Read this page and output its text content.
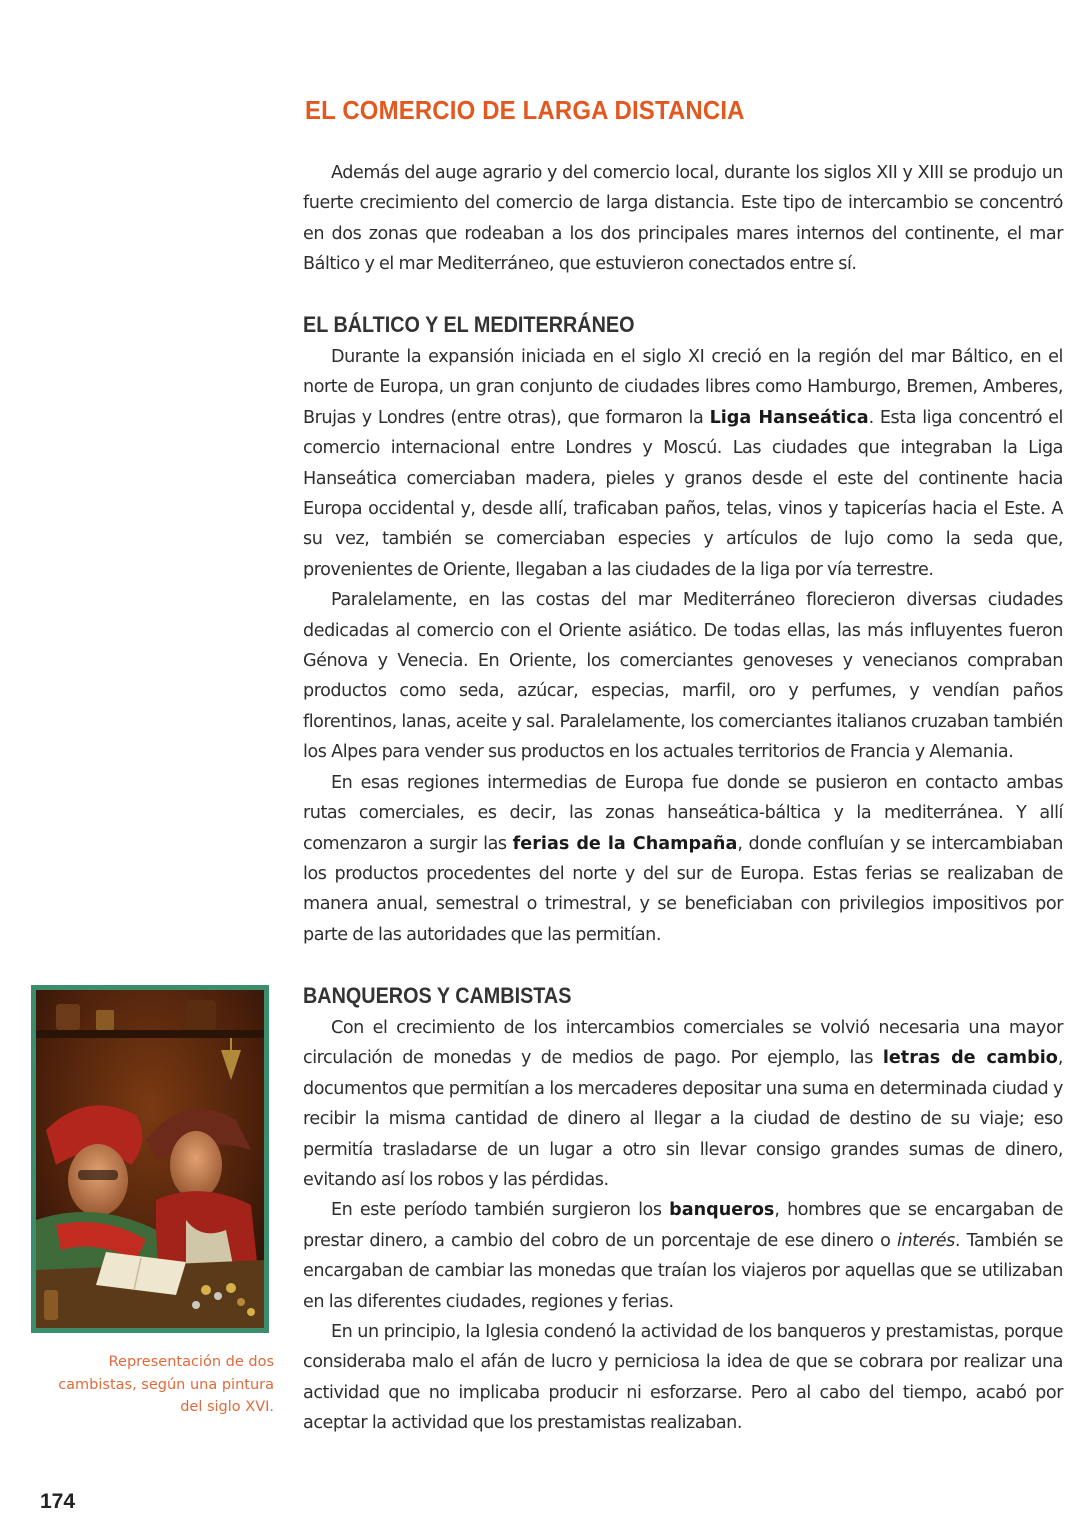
EL COMERCIO DE LARGA DISTANCIA

Además del auge agrario y del comercio local, durante los siglos XII y XIII se produjo un fuerte crecimiento del comercio de larga distancia. Este tipo de intercambio se concentró en dos zonas que rodeaban a los dos principales mares internos del continente, el mar Báltico y el mar Mediterráneo, que estuvieron conectados entre sí.

EL BÁLTICO Y EL MEDITERRÁNEO

Durante la expansión iniciada en el siglo XI creció en la región del mar Báltico, en el norte de Europa, un gran conjunto de ciudades libres como Hamburgo, Bremen, Amberes, Brujas y Londres (entre otras), que formaron la Liga Hanseática. Esta liga concentró el comercio internacional entre Londres y Moscú. Las ciudades que integraban la Liga Hanseática comerciaban madera, pieles y granos desde el este del continente hacia Europa occidental y, desde allí, traficaban paños, telas, vinos y tapicerías hacia el Este. A su vez, también se comerciaban especies y artículos de lujo como la seda que, provenientes de Oriente, llegaban a las ciudades de la liga por vía terrestre.

Paralelamente, en las costas del mar Mediterráneo florecieron diversas ciudades dedicadas al comercio con el Oriente asiático. De todas ellas, las más influyentes fueron Génova y Venecia. En Oriente, los comerciantes genoveses y venecianos compraban productos como seda, azúcar, especias, marfil, oro y perfumes, y vendían paños florentinos, lanas, aceite y sal. Paralelamente, los comerciantes italianos cruzaban también los Alpes para vender sus productos en los actuales territorios de Francia y Alemania.

En esas regiones intermedias de Europa fue donde se pusieron en contacto ambas rutas comerciales, es decir, las zonas hanseática-báltica y la mediterránea. Y allí comenzaron a surgir las ferias de la Champaña, donde confluían y se intercambiaban los productos procedentes del norte y del sur de Europa. Estas ferias se realizaban de manera anual, semestral o trimestral, y se beneficiaban con privilegios impositivos por parte de las autoridades que las permitían.

BANQUEROS Y CAMBISTAS

Con el crecimiento de los intercambios comerciales se volvió necesaria una mayor circulación de monedas y de medios de pago. Por ejemplo, las letras de cambio, documentos que permitían a los mercaderes depositar una suma en determinada ciudad y recibir la misma cantidad de dinero al llegar a la ciudad de destino de su viaje; eso permitía trasladarse de un lugar a otro sin llevar consigo grandes sumas de dinero, evitando así los robos y las pérdidas.

En este período también surgieron los banqueros, hombres que se encargaban de prestar dinero, a cambio del cobro de un porcentaje de ese dinero o interés. También se encargaban de cambiar las monedas que traían los viajeros por aquellas que se utilizaban en las diferentes ciudades, regiones y ferias.

En un principio, la Iglesia condenó la actividad de los banqueros y prestamistas, porque consideraba malo el afán de lucro y perniciosa la idea de que se cobrara por realizar una actividad que no implicaba producir ni esforzarse. Pero al cabo del tiempo, acabó por aceptar la actividad que los prestamistas realizaban.

Representación de dos cambistas, según una pintura del siglo XVI.
174
